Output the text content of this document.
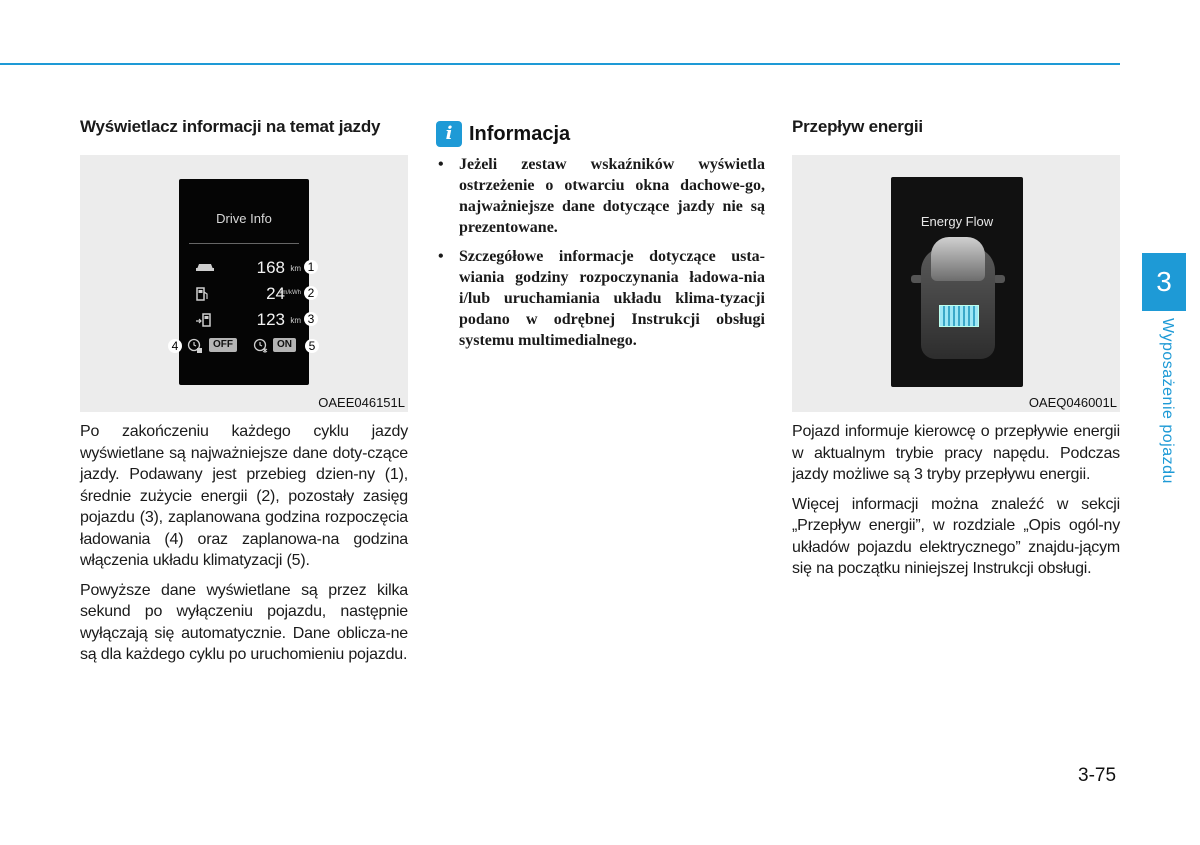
Wyświetlacz informacji na temat jazdy
Drive Info
168 km
24
km/kWh
123 km
OFF	ON
1
2
3
4	5
OAEE046151L

Po zakończeniu każdego cyklu jazdy wyświetlane są najważniejsze dane doty-czące jazdy. Podawany jest przebieg dzien-ny (1), średnie zużycie energii (2), pozostały zasięg pojazdu (3), zaplanowana godzina rozpoczęcia ładowania (4) oraz zaplanowa-na godzina włączenia układu klimatyzacji (5).

Powyższe dane wyświetlane są przez kilka sekund po wyłączeniu pojazdu, następnie wyłączają się automatycznie. Dane oblicza-ne są dla każdego cyklu po uruchomieniu pojazdu.

i Informacja
• Jeżeli zestaw wskaźników wyświetla ostrzeżenie o otwarciu okna dachowe-go, najważniejsze dane dotyczące jazdy nie są prezentowane.
• Szczegółowe informacje dotyczące usta-wiania godziny rozpoczynania ładowa-nia i/lub uruchamiania układu klima-tyzacji podano w odrębnej Instrukcji obsługi systemu multimedialnego.
Przepływ energii
Energy Flow
OAEQ046001L

Pojazd informuje kierowcę o przepływie energii w aktualnym trybie pracy napędu. Podczas jazdy możliwe są 3 tryby przepływu energii.

Więcej informacji można znaleźć w sekcji „Przepływ energii”, w rozdziale „Opis ogól-ny układów pojazdu elektrycznego” znajdu-jącym się na początku niniejszej Instrukcji obsługi.

3
Wyposażenie pojazdu
3-75
